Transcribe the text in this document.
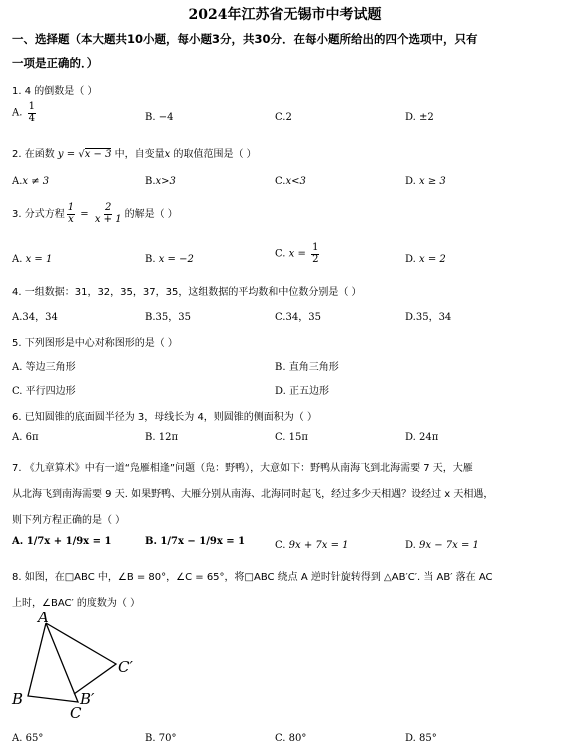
2024年江苏省无锡市中考试题
一、选择题（本大题共10小题，每小题3分，共30分．在每小题所给出的四个选项中，只有
一项是正确的．）
1. 4 的倒数是（ ）
A. $\frac{1}{4}$	B. −4	C.2	D. ±2
2. 在函数 y = √x − 3 中，自变量x 的取值范围是（ ）
A.x ≠ 3	B.x>3	C.x<3	D. x ≥ 3
3. 分式方程 $\frac{1}{x} = \frac{2}{x + 1}$ 的解是（ ）
A. x = 1	B. x = −2	C. $x = \frac{1}{2}$	D. x = 2
4. 一组数据：31，32，35，37，35，这组数据的平均数和中位数分别是（ ）
A.34，34	B.35，35	C.34，35	D.35，34
5. 下列图形是中心对称图形的是（ ）
A. 等边三角形	B. 直角三角形
C. 平行四边形	D. 正五边形
6. 已知圆锥的底面圆半径为 3，母线长为 4，则圆锥的侧面积为（ ）
A. 6π	B. 12π	C. 15π	D. 24π
7. 《九章算术》中有一道“凫雁相逢”问题（凫：野鸭），大意如下：野鸭从南海飞到北海需要 7 天，大雁
从北海飞到南海需要 9 天. 如果野鸭、大雁分别从南海、北海同时起飞，经过多少天相遇？设经过 x 天相遇，
则下列方程正确的是（ ）
A. 1/7x + 1/9x = 1	B. 1/7x − 1/9x = 1	C. 9x + 7x = 1	D. 9x − 7x = 1
8. 如图，在□ABC 中，∠B = 80°，∠C = 65°，将□ABC 绕点 A 逆时针旋转得到 △AB′C′. 当 AB′ 落在 AC
上时，∠BAC′ 的度数为（ ）
A
B
C
B′
C′
A. 65°	B. 70°	C. 80°	D. 85°
